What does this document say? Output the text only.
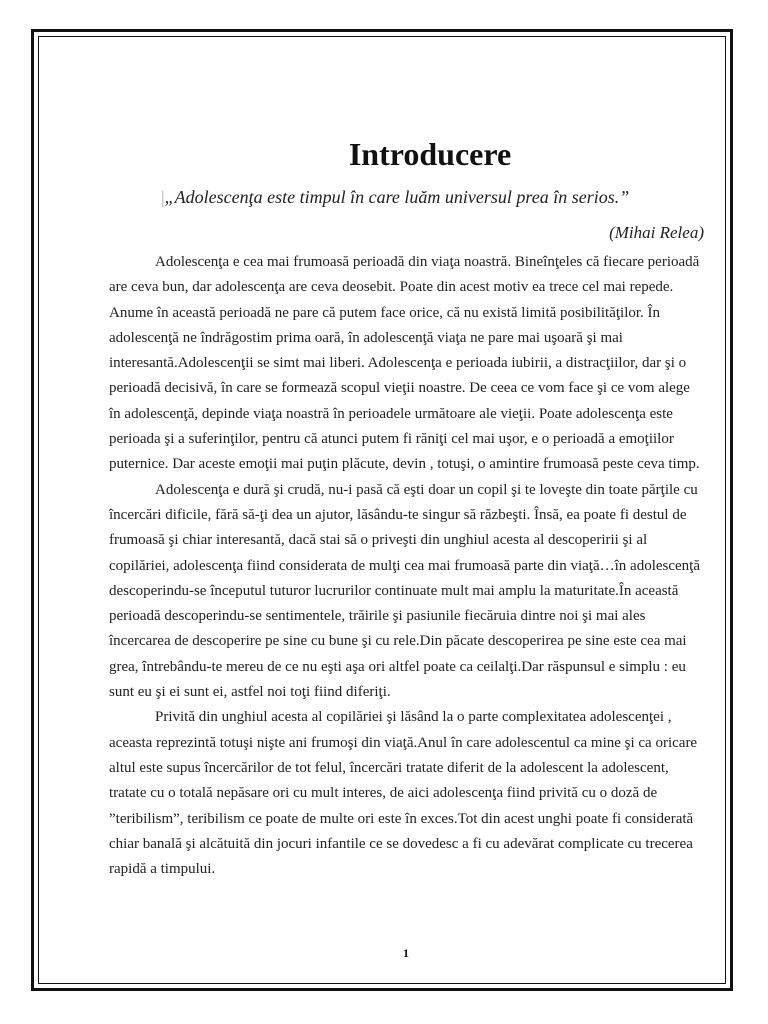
Introducere
|„Adolescenţa este timpul în care luăm universul prea în serios.”
(Mihai Relea)

Adolescenţa e cea mai frumoasă perioadă din viaţa noastră. Bineînţeles că fiecare perioadă are ceva bun, dar adolescenţa are ceva deosebit. Poate din acest motiv ea trece cel mai repede. Anume în această perioadă ne pare că putem face orice, că nu există limită posibilităţilor. În adolescenţă ne îndrăgostim prima oară, în adolescenţă viaţa ne pare mai uşoară şi mai interesantă.Adolescenţii se simt mai liberi. Adolescenţa e perioada iubirii, a distracţiilor, dar şi o perioadă decisivă, în care se formează scopul vieţii noastre. De ceea ce vom face şi ce vom alege în adolescenţă, depinde viaţa noastră în perioadele următoare ale vieţii. Poate adolescenţa este perioada şi a suferinţilor, pentru că atunci putem fi răniţi cel mai uşor, e o perioadă a emoţiilor puternice. Dar aceste emoţii mai puţin plăcute, devin , totuşi, o amintire frumoasă peste ceva timp.

Adolescenţa e dură şi crudă, nu-i pasă că eşti doar un copil şi te loveşte din toate părţile cu încercări dificile, fără să-ţi dea un ajutor, lăsându-te singur să răzbeşti. Însă, ea poate fi destul de frumoasă şi chiar interesantă, dacă stai să o priveşti din unghiul acesta al descoperirii şi al copilăriei, adolescenţa fiind considerata de mulţi cea mai frumoasă parte din viaţă…în adolescenţă descoperindu-se începutul tuturor lucrurilor continuate mult mai amplu la maturitate.În această perioadă descoperindu-se sentimentele, trăirile şi pasiunile fiecăruia dintre noi şi mai ales încercarea de descoperire pe sine cu bune şi cu rele.Din păcate descoperirea pe sine este cea mai grea, întrebându-te mereu de ce nu eşti aşa ori altfel poate ca ceilalţi.Dar răspunsul e simplu : eu sunt eu şi ei sunt ei, astfel noi toţi fiind diferiţi.

Privită din unghiul acesta al copilăriei şi lăsând la o parte complexitatea adolescenţei , aceasta reprezintă totuşi nişte ani frumoşi din viaţă.Anul în care adolescentul ca mine şi ca oricare altul este supus încercărilor de tot felul, încercări tratate diferit de la adolescent la adolescent, tratate cu o totală nepăsare ori cu mult interes, de aici adolescenţa fiind privită cu o doză de ”teribilism”, teribilism ce poate de multe ori este în exces.Tot din acest unghi poate fi considerată chiar banală şi alcătuită din jocuri infantile ce se dovedesc a fi cu adevărat complicate cu trecerea rapidă a timpului.

1
